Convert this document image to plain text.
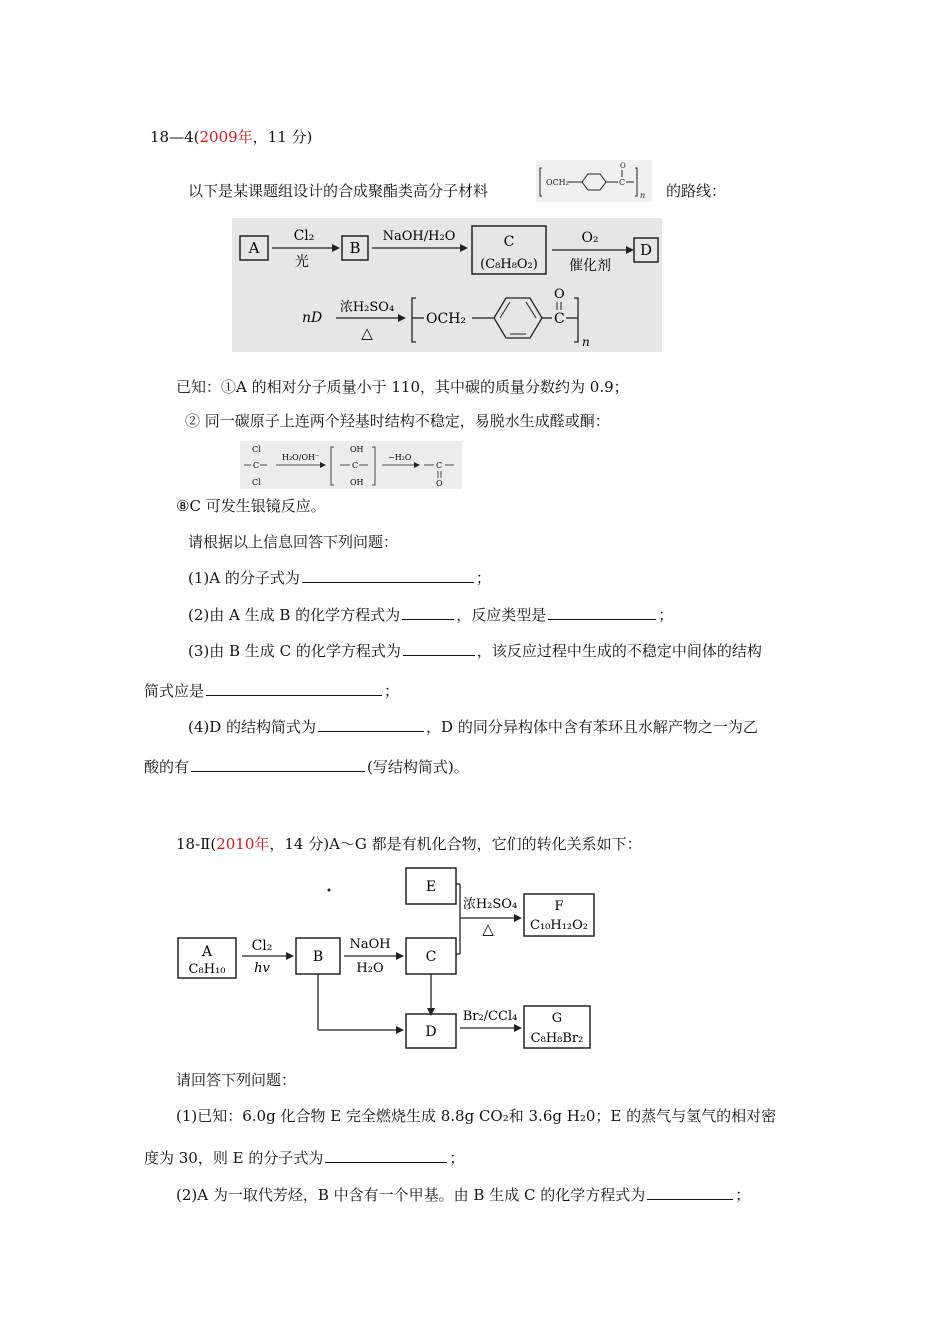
18—4(2009年，11 分)
以下是某课题组设计的合成聚酯类高分子材料	OCH₂	C
O
n 的路线：
A
Cl₂
光
B
NaOH/H₂O	C
(C₈H₈O₂)
O₂
催化剂
D
nD
浓H₂SO₄
△
OCH₂	C
O
n
已知：①A 的相对分子质量小于 110，其中碳的质量分数约为 0.9；
② 同一碳原子上连两个羟基时结构不稳定，易脱水生成醛或酮：
Cl
C
Cl
H₂O/OH⁻
OH
C
OH
−H₂O
C
O
⑧C 可发生银镜反应。
请根据以上信息回答下列问题：
(1)A 的分子式为	；
(2)由 A 生成 B 的化学方程式为	，反应类型是	；
(3)由 B 生成 C 的化学方程式为	，该反应过程中生成的不稳定中间体的结构
简式应是	；
(4)D 的结构简式为	，D 的同分异构体中含有苯环且水解产物之一为乙
酸的有	(写结构简式)。
18-Ⅱ(2010年，14 分)A～G 都是有机化合物，它们的转化关系如下：
A
C₈H₁₀
Cl₂
hv
B
NaOH
H₂O
C
E
浓H₂SO₄
△
F
C₁₀H₁₂O₂
D
Br₂/CCl₄	G
C₈H₈Br₂
请回答下列问题：
(1)已知：6.0g 化合物 E 完全燃烧生成 8.8g CO₂和 3.6g H₂0；E 的蒸气与氢气的相对密
度为 30，则 E 的分子式为	；
(2)A 为一取代芳烃，B 中含有一个甲基。由 B 生成 C 的化学方程式为	；
